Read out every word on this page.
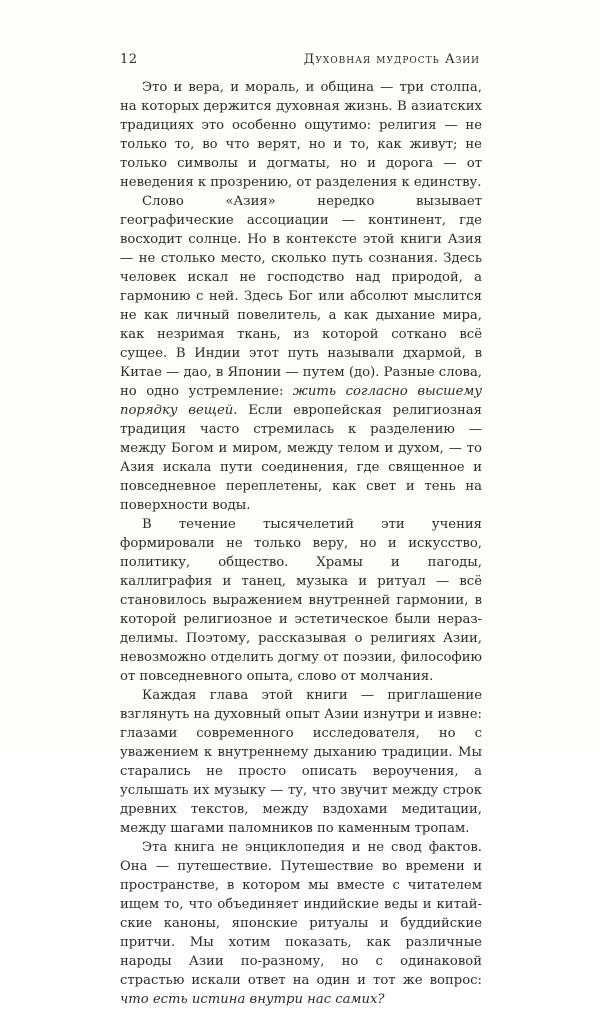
12	Духовная мудрость Азии

Это и вера, и мораль, и община — три столпа, на которых держится духовная жизнь. В азиатских традициях это особенно ощутимо: религия — не только то, во что верят, но и то, как живут; не только символы и догматы, но и дорога — от неведения к прозрению, от разделения к единству.

Слово «Азия» нередко вызывает географические ассоциации — континент, где восходит солнце. Но в контексте этой книги Азия — не столько место, сколько путь сознания. Здесь человек искал не господство над природой, а гармонию с ней. Здесь Бог или абсолют мыслится не как личный повелитель, а как дыхание мира, как незримая ткань, из которой соткано всё сущее. В Индии этот путь называли дхармой, в Китае — дао, в Японии — путем (до). Разные слова, но одно устремление: жить согласно высшему порядку вещей. Если европейская религиозная традиция часто стремилась к разделению — между Богом и миром, между телом и духом, — то Азия искала пути соединения, где священное и повседневное переплетены, как свет и тень на поверхности воды.

В течение тысячелетий эти учения формировали не только веру, но и искусство, политику, общество. Храмы и пагоды, каллиграфия и танец, музыка и ритуал — всё становилось выражением внутренней гармонии, в которой религиозное и эстетическое были неразделимы. Поэтому, рассказывая о религиях Азии, невозможно отделить догму от поэзии, философию от повседневного опыта, слово от молчания.

Каждая глава этой книги — приглашение взглянуть на духовный опыт Азии изнутри и извне: глазами современного исследователя, но с уважением к внутреннему дыханию традиции. Мы старались не просто описать вероучения, а услышать их музыку — ту, что звучит между строк древних текстов, между вздохами медитации, между шагами паломников по каменным тропам.

Эта книга не энциклопедия и не свод фактов. Она — путешествие. Путешествие во времени и пространстве, в котором мы вместе с читателем ищем то, что объединяет индийские веды и китайские каноны, японские ритуалы и буддийские притчи. Мы хотим показать, как различные народы Азии по-разному, но с одинаковой страстью искали ответ на один и тот же вопрос: что есть истина внутри нас самих?
